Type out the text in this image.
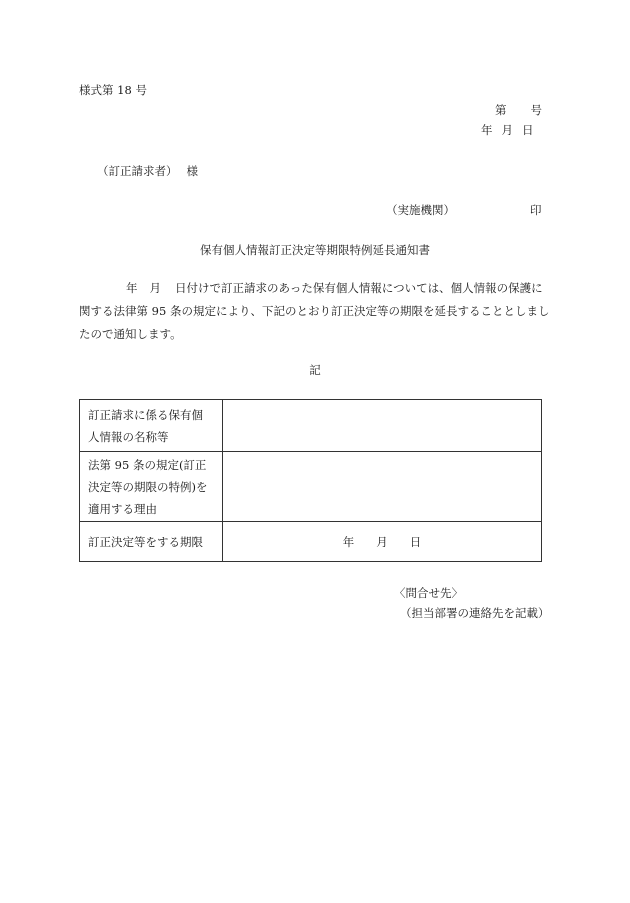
様式第 18 号
第 号
年 月 日
（訂正請求者） 様
（実施機関）	印
保有個人情報訂正決定等期限特例延長通知書
年 月 日付けで訂正請求のあった保有個人情報については、個人情報の保護に
関する法律第 95 条の規定により、下記のとおり訂正決定等の期限を延長することとしまし
たので通知します。
記
訂正請求に係る保有個
人情報の名称等	

法第 95 条の規定(訂正
決定等の期限の特例)を
適用する理由	

訂正決定等をする期限	年 月 日
〈問合せ先〉
（担当部署の連絡先を記載）
